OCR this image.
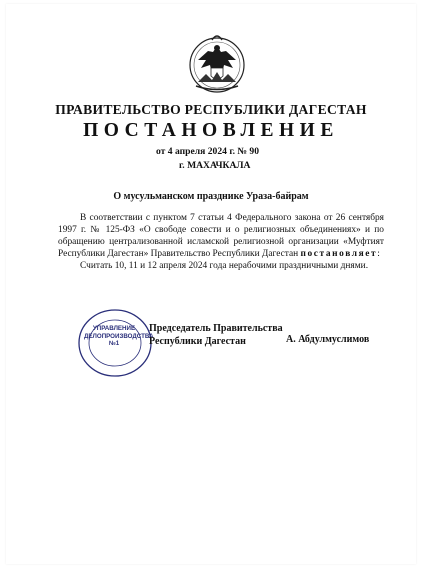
ПРАВИТЕЛЬСТВО РЕСПУБЛИКИ ДАГЕСТАН
ПОСТАНОВЛЕНИЕ
от 4 апреля 2024 г. № 90
г. МАХАЧКАЛА
О мусульманском празднике Ураза-байрам

В соответствии с пунктом 7 статьи 4 Федерального закона от 26 сентября 1997 г. № 125-ФЗ «О свободе совести и о религиозных объединениях» и по обращению централизованной исламской религиозной организации «Муфтият Республики Дагестан» Правительство Республики Дагестан постановляет:

Считать 10, 11 и 12 апреля 2024 года нерабочими праздничными днями.

УПРАВЛЕНИЕ
ДЕЛОПРОИЗВОДСТВА
№1
Председатель Правительства
Республики Дагестан	А. Абдулмуслимов
